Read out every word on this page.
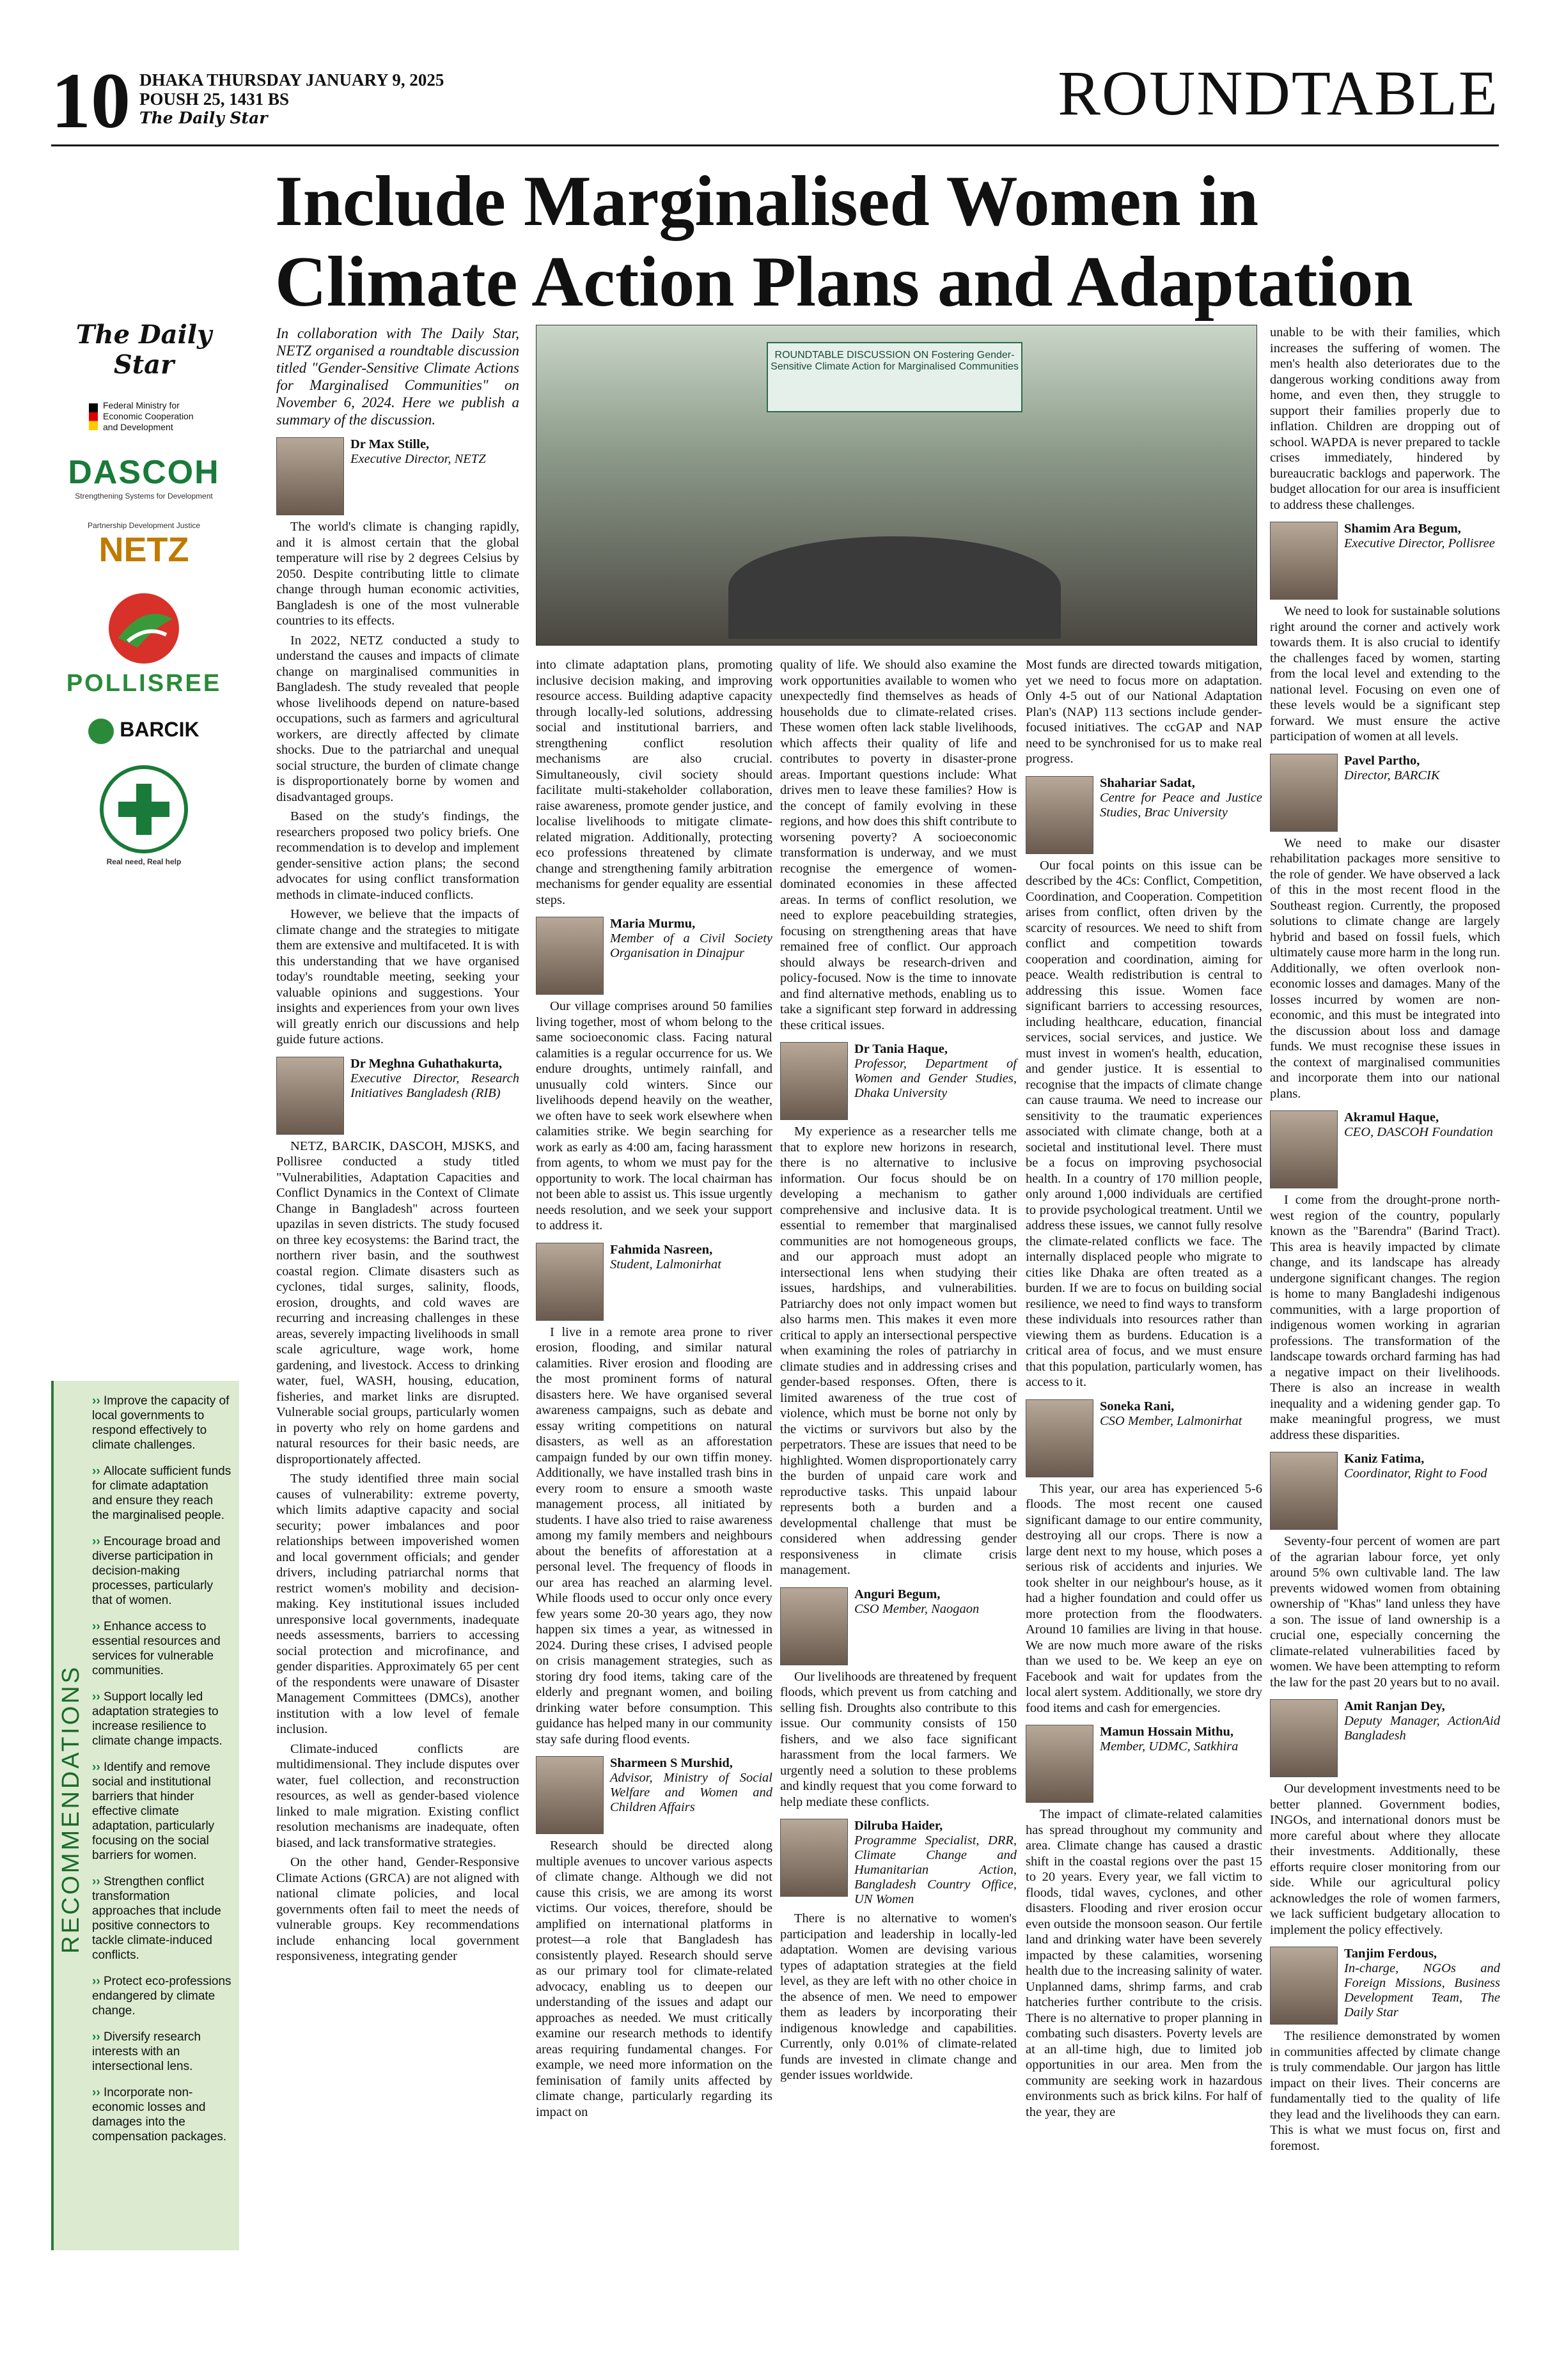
10 DHAKA THURSDAY JANUARY 9, 2025
POUSH 25, 1431 BS
The Daily Star	ROUNDTABLE
Include Marginalised Women in Climate Action Plans and Adaptation
The Daily Star
Federal Ministry for Economic Cooperation and Development
DASCOH
Strengthening Systems for Development
Partnership Development Justice
NETZ
POLLISREE
BARCIK
Real need, Real help
RECOMMENDATIONS
›› Improve the capacity of local governments to respond effectively to climate challenges.
›› Allocate sufficient funds for climate adaptation and ensure they reach the marginalised people.
›› Encourage broad and diverse participation in decision-making processes, particularly that of women.
›› Enhance access to essential resources and services for vulnerable communities.
›› Support locally led adaptation strategies to increase resilience to climate change impacts.
›› Identify and remove social and institutional barriers that hinder effective climate adaptation, particularly focusing on the social barriers for women.
›› Strengthen conflict transformation approaches that include positive connectors to tackle climate-induced conflicts.
›› Protect eco-professions endangered by climate change.
›› Diversify research interests with an intersectional lens.
›› Incorporate non-economic losses and damages into the compensation packages.

In collaboration with The Daily Star, NETZ organised a roundtable discussion titled "Gender-Sensitive Climate Actions for Marginalised Communities" on November 6, 2024. Here we publish a summary of the discussion.

Dr Max Stille,
Executive Director, NETZ

The world's climate is changing rapidly, and it is almost certain that the global temperature will rise by 2 degrees Celsius by 2050. Despite contributing little to climate change through human economic activities, Bangladesh is one of the most vulnerable countries to its effects.

In 2022, NETZ conducted a study to understand the causes and impacts of climate change on marginalised communities in Bangladesh. The study revealed that people whose livelihoods depend on nature-based occupations, such as farmers and agricultural workers, are directly affected by climate shocks. Due to the patriarchal and unequal social structure, the burden of climate change is disproportionately borne by women and disadvantaged groups.

Based on the study's findings, the researchers proposed two policy briefs. One recommendation is to develop and implement gender-sensitive action plans; the second advocates for using conflict transformation methods in climate-induced conflicts.

However, we believe that the impacts of climate change and the strategies to mitigate them are extensive and multifaceted. It is with this understanding that we have organised today's roundtable meeting, seeking your valuable opinions and suggestions. Your insights and experiences from your own lives will greatly enrich our discussions and help guide future actions.

Dr Meghna Guhathakurta,
Executive Director, Research Initiatives Bangladesh (RIB)

NETZ, BARCIK, DASCOH, MJSKS, and Pollisree conducted a study titled "Vulnerabilities, Adaptation Capacities and Conflict Dynamics in the Context of Climate Change in Bangladesh" across fourteen upazilas in seven districts. The study focused on three key ecosystems: the Barind tract, the northern river basin, and the southwest coastal region. Climate disasters such as cyclones, tidal surges, salinity, floods, erosion, droughts, and cold waves are recurring and increasing challenges in these areas, severely impacting livelihoods in small scale agriculture, wage work, home gardening, and livestock. Access to drinking water, fuel, WASH, housing, education, fisheries, and market links are disrupted. Vulnerable social groups, particularly women in poverty who rely on home gardens and natural resources for their basic needs, are disproportionately affected.

The study identified three main social causes of vulnerability: extreme poverty, which limits adaptive capacity and social security; power imbalances and poor relationships between impoverished women and local government officials; and gender drivers, including patriarchal norms that restrict women's mobility and decision-making. Key institutional issues included unresponsive local governments, inadequate needs assessments, barriers to accessing social protection and microfinance, and gender disparities. Approximately 65 per cent of the respondents were unaware of Disaster Management Committees (DMCs), another institution with a low level of female inclusion.

Climate-induced conflicts are multidimensional. They include disputes over water, fuel collection, and reconstruction resources, as well as gender-based violence linked to male migration. Existing conflict resolution mechanisms are inadequate, often biased, and lack transformative strategies.

On the other hand, Gender-Responsive Climate Actions (GRCA) are not aligned with national climate policies, and local governments often fail to meet the needs of vulnerable groups. Key recommendations include enhancing local government responsiveness, integrating gender

ROUNDTABLE DISCUSSION ON Fostering Gender-Sensitive Climate Action for Marginalised Communities

into climate adaptation plans, promoting inclusive decision making, and improving resource access. Building adaptive capacity through locally-led solutions, addressing social and institutional barriers, and strengthening conflict resolution mechanisms are also crucial. Simultaneously, civil society should facilitate multi-stakeholder collaboration, raise awareness, promote gender justice, and localise livelihoods to mitigate climate-related migration. Additionally, protecting eco professions threatened by climate change and strengthening family arbitration mechanisms for gender equality are essential steps.

Maria Murmu,
Member of a Civil Society Organisation in Dinajpur

Our village comprises around 50 families living together, most of whom belong to the same socioeconomic class. Facing natural calamities is a regular occurrence for us. We endure droughts, untimely rainfall, and unusually cold winters. Since our livelihoods depend heavily on the weather, we often have to seek work elsewhere when calamities strike. We begin searching for work as early as 4:00 am, facing harassment from agents, to whom we must pay for the opportunity to work. The local chairman has not been able to assist us. This issue urgently needs resolution, and we seek your support to address it.

Fahmida Nasreen,
Student, Lalmonirhat

I live in a remote area prone to river erosion, flooding, and similar natural calamities. River erosion and flooding are the most prominent forms of natural disasters here. We have organised several awareness campaigns, such as debate and essay writing competitions on natural disasters, as well as an afforestation campaign funded by our own tiffin money. Additionally, we have installed trash bins in every room to ensure a smooth waste management process, all initiated by students. I have also tried to raise awareness among my family members and neighbours about the benefits of afforestation at a personal level. The frequency of floods in our area has reached an alarming level. While floods used to occur only once every few years some 20-30 years ago, they now happen six times a year, as witnessed in 2024. During these crises, I advised people on crisis management strategies, such as storing dry food items, taking care of the elderly and pregnant women, and boiling drinking water before consumption. This guidance has helped many in our community stay safe during flood events.

Sharmeen S Murshid,
Advisor, Ministry of Social Welfare and Women and Children Affairs

Research should be directed along multiple avenues to uncover various aspects of climate change. Although we did not cause this crisis, we are among its worst victims. Our voices, therefore, should be amplified on international platforms in protest—a role that Bangladesh has consistently played. Research should serve as our primary tool for climate-related advocacy, enabling us to deepen our understanding of the issues and adapt our approaches as needed. We must critically examine our research methods to identify areas requiring fundamental changes. For example, we need more information on the feminisation of family units affected by climate change, particularly regarding its impact on

quality of life. We should also examine the work opportunities available to women who unexpectedly find themselves as heads of households due to climate-related crises. These women often lack stable livelihoods, which affects their quality of life and contributes to poverty in disaster-prone areas. Important questions include: What drives men to leave these families? How is the concept of family evolving in these regions, and how does this shift contribute to worsening poverty? A socioeconomic transformation is underway, and we must recognise the emergence of women-dominated economies in these affected areas. In terms of conflict resolution, we need to explore peacebuilding strategies, focusing on strengthening areas that have remained free of conflict. Our approach should always be research-driven and policy-focused. Now is the time to innovate and find alternative methods, enabling us to take a significant step forward in addressing these critical issues.

Dr Tania Haque,
Professor, Department of Women and Gender Studies, Dhaka University

My experience as a researcher tells me that to explore new horizons in research, there is no alternative to inclusive information. Our focus should be on developing a mechanism to gather comprehensive and inclusive data. It is essential to remember that marginalised communities are not homogeneous groups, and our approach must adopt an intersectional lens when studying their issues, hardships, and vulnerabilities. Patriarchy does not only impact women but also harms men. This makes it even more critical to apply an intersectional perspective when examining the roles of patriarchy in climate studies and in addressing crises and gender-based responses. Often, there is limited awareness of the true cost of violence, which must be borne not only by the victims or survivors but also by the perpetrators. These are issues that need to be highlighted. Women disproportionately carry the burden of unpaid care work and reproductive tasks. This unpaid labour represents both a burden and a developmental challenge that must be considered when addressing gender responsiveness in climate crisis management.

Anguri Begum,
CSO Member, Naogaon

Our livelihoods are threatened by frequent floods, which prevent us from catching and selling fish. Droughts also contribute to this issue. Our community consists of 150 fishers, and we also face significant harassment from the local farmers. We urgently need a solution to these problems and kindly request that you come forward to help mediate these conflicts.

Dilruba Haider,
Programme Specialist, DRR, Climate Change and Humanitarian Action, Bangladesh Country Office, UN Women

There is no alternative to women's participation and leadership in locally-led adaptation. Women are devising various types of adaptation strategies at the field level, as they are left with no other choice in the absence of men. We need to empower them as leaders by incorporating their indigenous knowledge and capabilities. Currently, only 0.01% of climate-related funds are invested in climate change and gender issues worldwide.

Most funds are directed towards mitigation, yet we need to focus more on adaptation. Only 4-5 out of our National Adaptation Plan's (NAP) 113 sections include gender-focused initiatives. The ccGAP and NAP need to be synchronised for us to make real progress.

Shahariar Sadat,
Centre for Peace and Justice Studies, Brac University

Our focal points on this issue can be described by the 4Cs: Conflict, Competition, Coordination, and Cooperation. Competition arises from conflict, often driven by the scarcity of resources. We need to shift from conflict and competition towards cooperation and coordination, aiming for peace. Wealth redistribution is central to addressing this issue. Women face significant barriers to accessing resources, including healthcare, education, financial services, social services, and justice. We must invest in women's health, education, and gender justice. It is essential to recognise that the impacts of climate change can cause trauma. We need to increase our sensitivity to the traumatic experiences associated with climate change, both at a societal and institutional level. There must be a focus on improving psychosocial health. In a country of 170 million people, only around 1,000 individuals are certified to provide psychological treatment. Until we address these issues, we cannot fully resolve the climate-related conflicts we face. The internally displaced people who migrate to cities like Dhaka are often treated as a burden. If we are to focus on building social resilience, we need to find ways to transform these individuals into resources rather than viewing them as burdens. Education is a critical area of focus, and we must ensure that this population, particularly women, has access to it.

Soneka Rani,
CSO Member, Lalmonirhat

This year, our area has experienced 5-6 floods. The most recent one caused significant damage to our entire community, destroying all our crops. There is now a large dent next to my house, which poses a serious risk of accidents and injuries. We took shelter in our neighbour's house, as it had a higher foundation and could offer us more protection from the floodwaters. Around 10 families are living in that house. We are now much more aware of the risks than we used to be. We keep an eye on Facebook and wait for updates from the local alert system. Additionally, we store dry food items and cash for emergencies.

Mamun Hossain Mithu,
Member, UDMC, Satkhira

The impact of climate-related calamities has spread throughout my community and area. Climate change has caused a drastic shift in the coastal regions over the past 15 to 20 years. Every year, we fall victim to floods, tidal waves, cyclones, and other disasters. Flooding and river erosion occur even outside the monsoon season. Our fertile land and drinking water have been severely impacted by these calamities, worsening health due to the increasing salinity of water. Unplanned dams, shrimp farms, and crab hatcheries further contribute to the crisis. There is no alternative to proper planning in combating such disasters. Poverty levels are at an all-time high, due to limited job opportunities in our area. Men from the community are seeking work in hazardous environments such as brick kilns. For half of the year, they are

unable to be with their families, which increases the suffering of women. The men's health also deteriorates due to the dangerous working conditions away from home, and even then, they struggle to support their families properly due to inflation. Children are dropping out of school. WAPDA is never prepared to tackle crises immediately, hindered by bureaucratic backlogs and paperwork. The budget allocation for our area is insufficient to address these challenges.

Shamim Ara Begum,
Executive Director, Pollisree

We need to look for sustainable solutions right around the corner and actively work towards them. It is also crucial to identify the challenges faced by women, starting from the local level and extending to the national level. Focusing on even one of these levels would be a significant step forward. We must ensure the active participation of women at all levels.

Pavel Partho,
Director, BARCIK

We need to make our disaster rehabilitation packages more sensitive to the role of gender. We have observed a lack of this in the most recent flood in the Southeast region. Currently, the proposed solutions to climate change are largely hybrid and based on fossil fuels, which ultimately cause more harm in the long run. Additionally, we often overlook non-economic losses and damages. Many of the losses incurred by women are non-economic, and this must be integrated into the discussion about loss and damage funds. We must recognise these issues in the context of marginalised communities and incorporate them into our national plans.

Akramul Haque,
CEO, DASCOH Foundation

I come from the drought-prone north-west region of the country, popularly known as the "Barendra" (Barind Tract). This area is heavily impacted by climate change, and its landscape has already undergone significant changes. The region is home to many Bangladeshi indigenous communities, with a large proportion of indigenous women working in agrarian professions. The transformation of the landscape towards orchard farming has had a negative impact on their livelihoods. There is also an increase in wealth inequality and a widening gender gap. To make meaningful progress, we must address these disparities.

Kaniz Fatima,
Coordinator, Right to Food

Seventy-four percent of women are part of the agrarian labour force, yet only around 5% own cultivable land. The law prevents widowed women from obtaining ownership of "Khas" land unless they have a son. The issue of land ownership is a crucial one, especially concerning the climate-related vulnerabilities faced by women. We have been attempting to reform the law for the past 20 years but to no avail.

Amit Ranjan Dey,
Deputy Manager, ActionAid Bangladesh

Our development investments need to be better planned. Government bodies, INGOs, and international donors must be more careful about where they allocate their investments. Additionally, these efforts require closer monitoring from our side. While our agricultural policy acknowledges the role of women farmers, we lack sufficient budgetary allocation to implement the policy effectively.

Tanjim Ferdous,
In-charge, NGOs and Foreign Missions, Business Development Team, The Daily Star

The resilience demonstrated by women in communities affected by climate change is truly commendable. Our jargon has little impact on their lives. Their concerns are fundamentally tied to the quality of life they lead and the livelihoods they can earn. This is what we must focus on, first and foremost.
